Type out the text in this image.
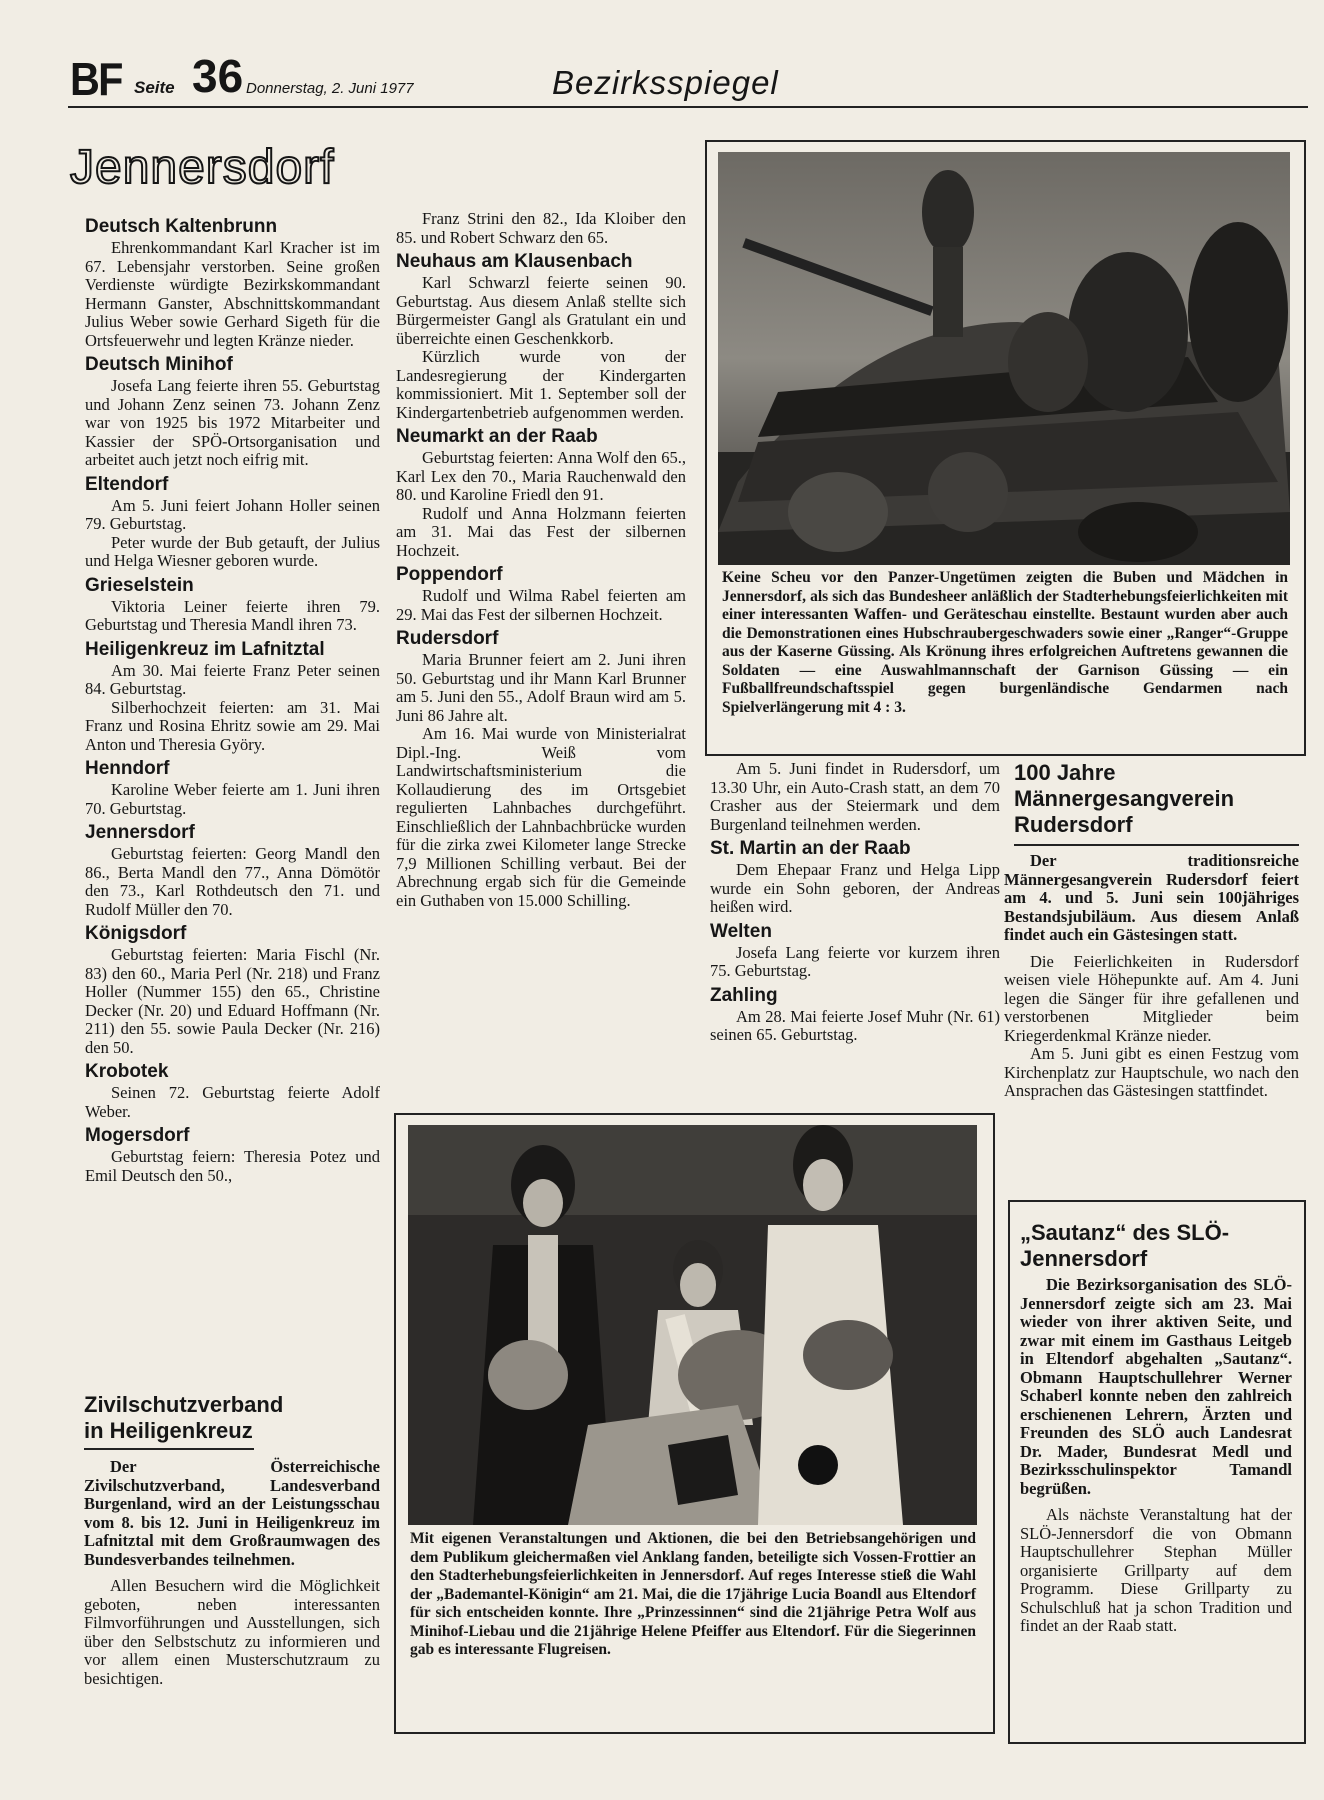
BF Seite 36 Donnerstag, 2. Juni 1977	Bezirksspiegel
Jennersdorf
Deutsch Kaltenbrunn

Ehrenkommandant Karl Kracher ist im 67. Lebensjahr verstorben. Seine großen Verdienste würdigte Bezirkskommandant Hermann Ganster, Abschnittskommandant Julius Weber sowie Gerhard Sigeth für die Ortsfeuerwehr und legten Kränze nieder.

Deutsch Minihof

Josefa Lang feierte ihren 55. Geburtstag und Johann Zenz seinen 73. Johann Zenz war von 1925 bis 1972 Mitarbeiter und Kassier der SPÖ-Ortsorganisation und arbeitet auch jetzt noch eifrig mit.

Eltendorf

Am 5. Juni feiert Johann Holler seinen 79. Geburtstag.

Peter wurde der Bub getauft, der Julius und Helga Wiesner geboren wurde.

Grieselstein

Viktoria Leiner feierte ihren 79. Geburtstag und Theresia Mandl ihren 73.

Heiligenkreuz im Lafnitztal

Am 30. Mai feierte Franz Peter seinen 84. Geburtstag.

Silberhochzeit feierten: am 31. Mai Franz und Rosina Ehritz sowie am 29. Mai Anton und Theresia Györy.

Henndorf

Karoline Weber feierte am 1. Juni ihren 70. Geburtstag.

Jennersdorf

Geburtstag feierten: Georg Mandl den 86., Berta Mandl den 77., Anna Dömötör den 73., Karl Rothdeutsch den 71. und Rudolf Müller den 70.

Königsdorf

Geburtstag feierten: Maria Fischl (Nr. 83) den 60., Maria Perl (Nr. 218) und Franz Holler (Nummer 155) den 65., Christine Decker (Nr. 20) und Eduard Hoffmann (Nr. 211) den 55. sowie Paula Decker (Nr. 216) den 50.

Krobotek

Seinen 72. Geburtstag feierte Adolf Weber.

Mogersdorf

Geburtstag feiern: Theresia Potez und Emil Deutsch den 50.,

Franz Strini den 82., Ida Kloiber den 85. und Robert Schwarz den 65.

Neuhaus am Klausenbach

Karl Schwarzl feierte seinen 90. Geburtstag. Aus diesem Anlaß stellte sich Bürgermeister Gangl als Gratulant ein und überreichte einen Geschenkkorb.

Kürzlich wurde von der Landesregierung der Kindergarten kommissioniert. Mit 1. September soll der Kindergartenbetrieb aufgenommen werden.

Neumarkt an der Raab

Geburtstag feierten: Anna Wolf den 65., Karl Lex den 70., Maria Rauchenwald den 80. und Karoline Friedl den 91.

Rudolf und Anna Holzmann feierten am 31. Mai das Fest der silbernen Hochzeit.

Poppendorf

Rudolf und Wilma Rabel feierten am 29. Mai das Fest der silbernen Hochzeit.

Rudersdorf

Maria Brunner feiert am 2. Juni ihren 50. Geburtstag und ihr Mann Karl Brunner am 5. Juni den 55., Adolf Braun wird am 5. Juni 86 Jahre alt.

Am 16. Mai wurde von Ministerialrat Dipl.-Ing. Weiß vom Landwirtschaftsministerium die Kollaudierung des im Ortsgebiet regulierten Lahnbaches durchgeführt. Einschließlich der Lahnbachbrücke wurden für die zirka zwei Kilometer lange Strecke 7,9 Millionen Schilling verbaut. Bei der Abrechnung ergab sich für die Gemeinde ein Guthaben von 15.000 Schilling.

Keine Scheu vor den Panzer-Ungetümen zeigten die Buben und Mädchen in Jennersdorf, als sich das Bundesheer anläßlich der Stadterhebungsfeierlichkeiten mit einer interessanten Waffen- und Geräteschau einstellte. Bestaunt wurden aber auch die Demonstrationen eines Hubschraubergeschwaders sowie einer „Ranger“-Gruppe aus der Kaserne Güssing. Als Krönung ihres erfolgreichen Auftretens gewannen die Soldaten — eine Auswahlmannschaft der Garnison Güssing — ein Fußballfreundschaftsspiel gegen burgenländische Gendarmen nach Spielverlängerung mit 4 : 3.

Am 5. Juni findet in Rudersdorf, um 13.30 Uhr, ein Auto-Crash statt, an dem 70 Crasher aus der Steiermark und dem Burgenland teilnehmen werden.

St. Martin an der Raab

Dem Ehepaar Franz und Helga Lipp wurde ein Sohn geboren, der Andreas heißen wird.

Welten

Josefa Lang feierte vor kurzem ihren 75. Geburtstag.

Zahling

Am 28. Mai feierte Josef Muhr (Nr. 61) seinen 65. Geburtstag.

100 Jahre Männergesangverein Rudersdorf

Der traditionsreiche Männergesangverein Rudersdorf feiert am 4. und 5. Juni sein 100jähriges Bestandsjubiläum. Aus diesem Anlaß findet auch ein Gästesingen statt.

Die Feierlichkeiten in Rudersdorf weisen viele Höhepunkte auf. Am 4. Juni legen die Sänger für ihre gefallenen und verstorbenen Mitglieder beim Kriegerdenkmal Kränze nieder.

Am 5. Juni gibt es einen Festzug vom Kirchenplatz zur Hauptschule, wo nach den Ansprachen das Gästesingen stattfindet.

Zivilschutzverband in Heiligenkreuz

Der Österreichische Zivilschutzverband, Landesverband Burgenland, wird an der Leistungsschau vom 8. bis 12. Juni in Heiligenkreuz im Lafnitztal mit dem Großraumwagen des Bundesverbandes teilnehmen.

Allen Besuchern wird die Möglichkeit geboten, neben interessanten Filmvorführungen und Ausstellungen, sich über den Selbstschutz zu informieren und vor allem einen Musterschutzraum zu besichtigen.

Mit eigenen Veranstaltungen und Aktionen, die bei den Betriebsangehörigen und dem Publikum gleichermaßen viel Anklang fanden, beteiligte sich Vossen-Frottier an den Stadterhebungsfeierlichkeiten in Jennersdorf. Auf reges Interesse stieß die Wahl der „Bademantel-Königin“ am 21. Mai, die die 17jährige Lucia Boandl aus Eltendorf für sich entscheiden konnte. Ihre „Prinzessinnen“ sind die 21jährige Petra Wolf aus Minihof-Liebau und die 21jährige Helene Pfeiffer aus Eltendorf. Für die Siegerinnen gab es interessante Flugreisen.

„Sautanz“ des SLÖ-Jennersdorf

Die Bezirksorganisation des SLÖ-Jennersdorf zeigte sich am 23. Mai wieder von ihrer aktiven Seite, und zwar mit einem im Gasthaus Leitgeb in Eltendorf abgehalten „Sautanz“. Obmann Hauptschullehrer Werner Schaberl konnte neben den zahlreich erschienenen Lehrern, Ärzten und Freunden des SLÖ auch Landesrat Dr. Mader, Bundesrat Medl und Bezirksschulinspektor Tamandl begrüßen.

Als nächste Veranstaltung hat der SLÖ-Jennersdorf die von Obmann Hauptschullehrer Stephan Müller organisierte Grillparty auf dem Programm. Diese Grillparty zu Schulschluß hat ja schon Tradition und findet an der Raab statt.
